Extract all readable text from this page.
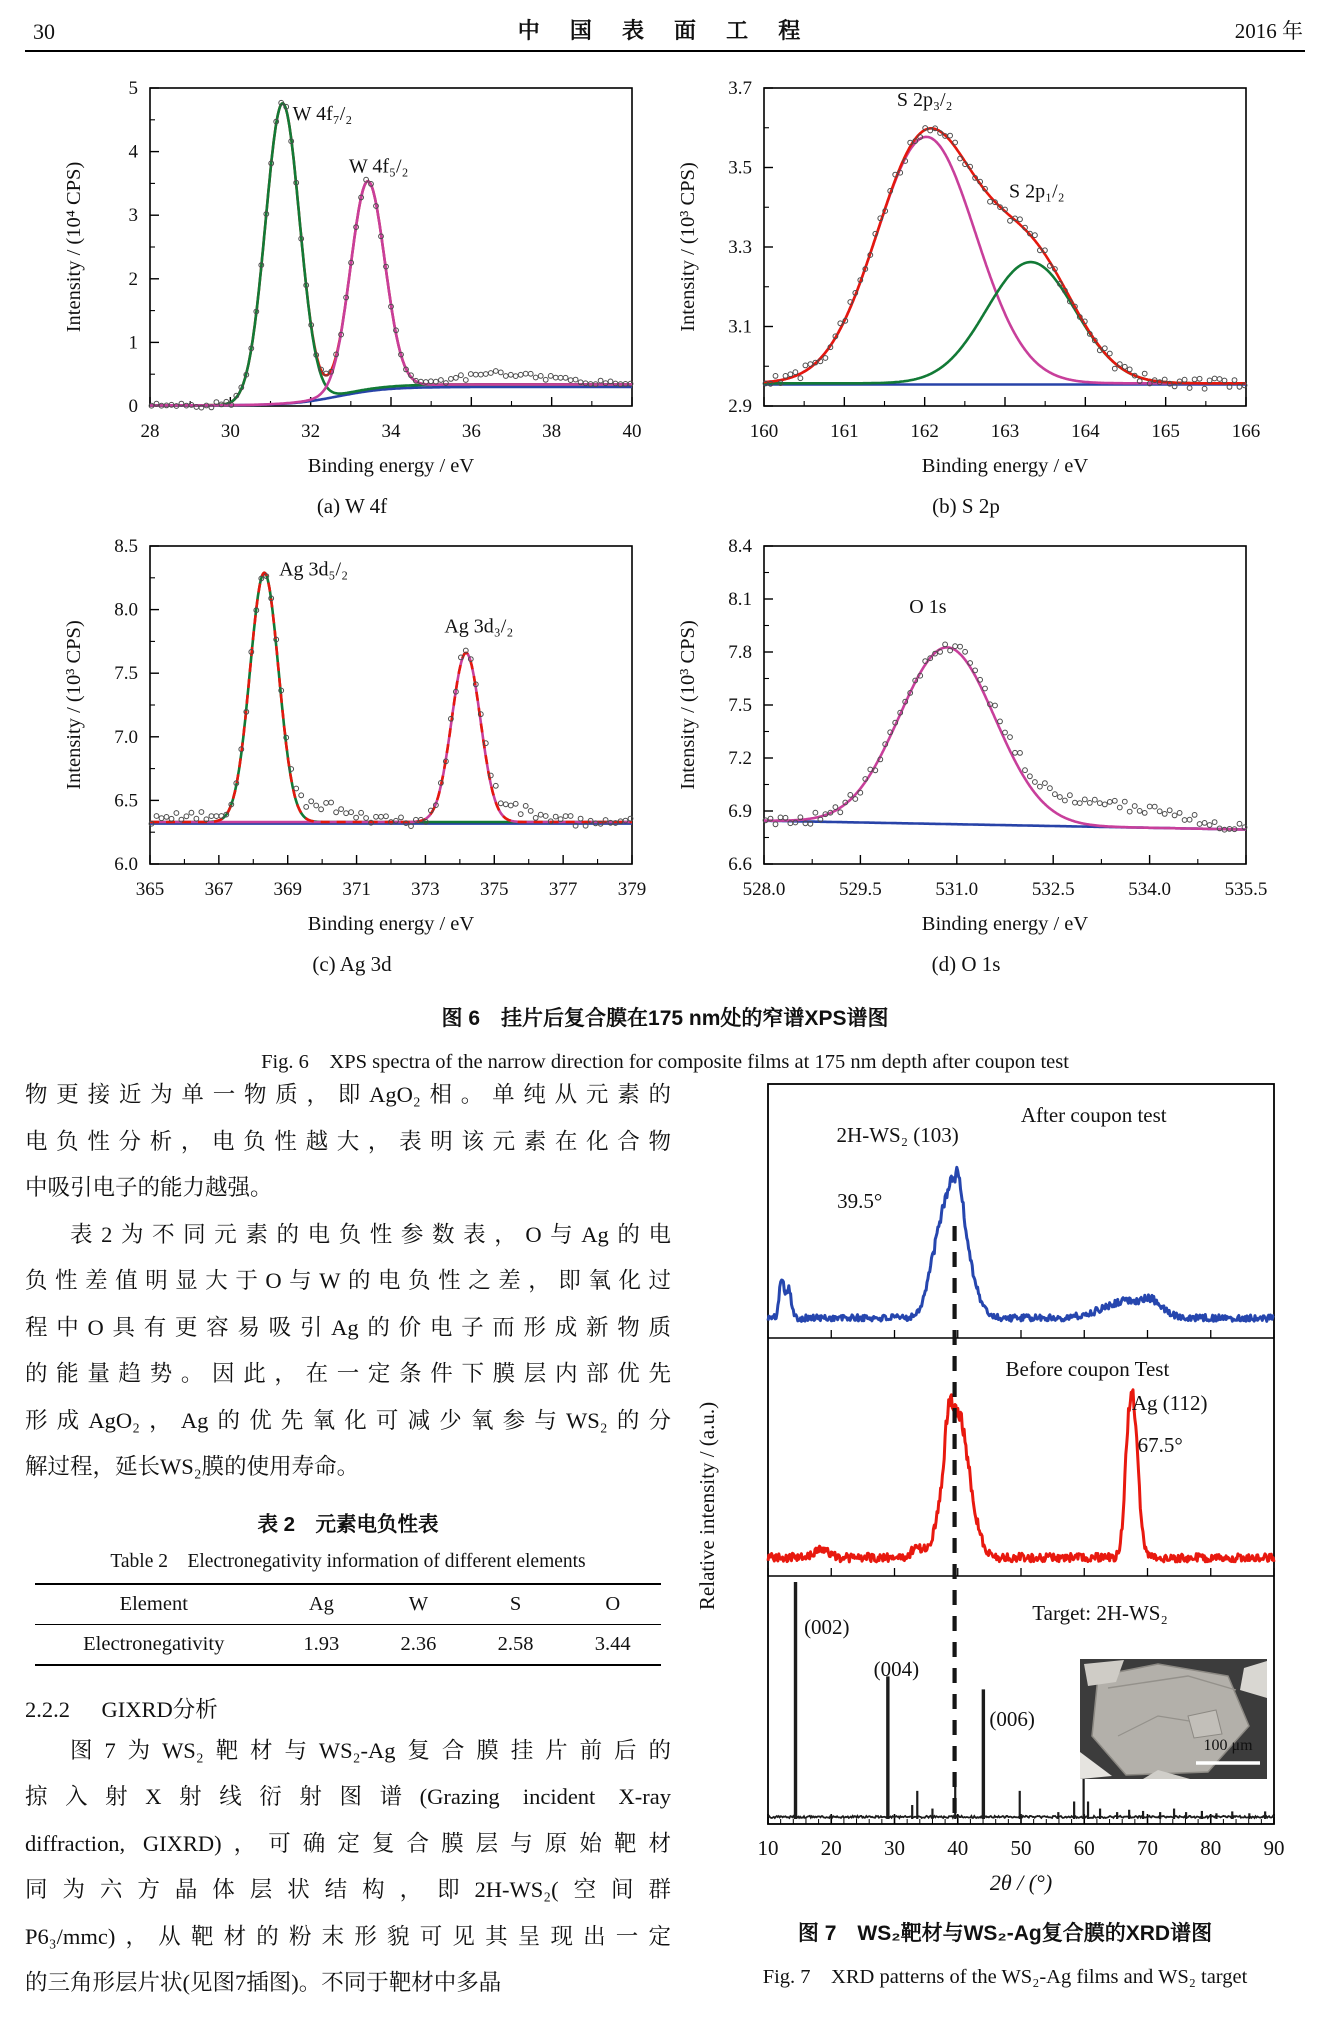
30	中 国 表 面 工 程	2016 年
28	30	32	34	36	38	40
0
1
2
3
4
5
Binding energy / eV
Intensity / (10⁴ CPS)
W 4f₇/₂
W 4f₅/₂
(a) W 4f
160	161	162	163	164	165	166
2.9
3.1
3.3
3.5
3.7
Binding energy / eV
Intensity / (10³ CPS)
S 2p₃/₂
S 2p₁/₂
(b) S 2p
365 367 369 371 373 375 377 379
6.0
6.5
7.0
7.5
8.0
8.5
Binding energy / eV
Intensity / (10³ CPS)
Ag 3d₅/₂
Ag 3d₃/₂
(c) Ag 3d
528.0	529.5	531.0	532.5	534.0	535.5
6.6
6.9
7.2
7.5
7.8
8.1
8.4
Binding energy / eV
Intensity / (10³ CPS)
O 1s
(d) O 1s
图 6　挂片后复合膜在175 nm处的窄谱XPS谱图
Fig. 6　XPS spectra of the narrow direction for composite films at 175 nm depth after coupon test
物更接近为单一物质，即AgO₂相。单纯从元素的
电负性分析，电负性越大，表明该元素在化合物
中吸引电子的能力越强。
表2为不同元素的电负性参数表，O与Ag的电
负性差值明显大于O与W的电负性之差，即氧化过
程中O具有更容易吸引Ag的价电子而形成新物质
的能量趋势。因此，在一定条件下膜层内部优先
形成AgO₂，Ag的优先氧化可减少氧参与WS₂的分
解过程，延长WS₂膜的使用寿命。
表 2　元素电负性表
Table 2　Electronegativity information of different elements
Element	Ag	W	S	O
Electronegativity	1.93	2.36	2.58	3.44
2.2.2 GIXRD分析
图7为WS₂靶材与WS₂-Ag复合膜挂片前后的
掠入射X射线衍射图谱(Grazing incident X-ray
diffraction, GIXRD)，可确定复合膜层与原始靶材
同为六方晶体层状结构，即2H-WS₂(空间群
P6₃/mmc)，从靶材的粉末形貌可见其呈现出一定
的三角形层片状(见图7插图)。不同于靶材中多晶
10 20 30 40 50 60 70 80 90
2θ / (°)
Relative intensity / (a.u.)
After coupon test
2H-WS₂ (103)
39.5°
Before coupon Test
Ag (112)
67.5°
Target: 2H-WS₂
(002)
(004)
(006)
100 μm
图 7　WS₂靶材与WS₂-Ag复合膜的XRD谱图
Fig. 7　XRD patterns of the WS₂-Ag films and WS₂ target
